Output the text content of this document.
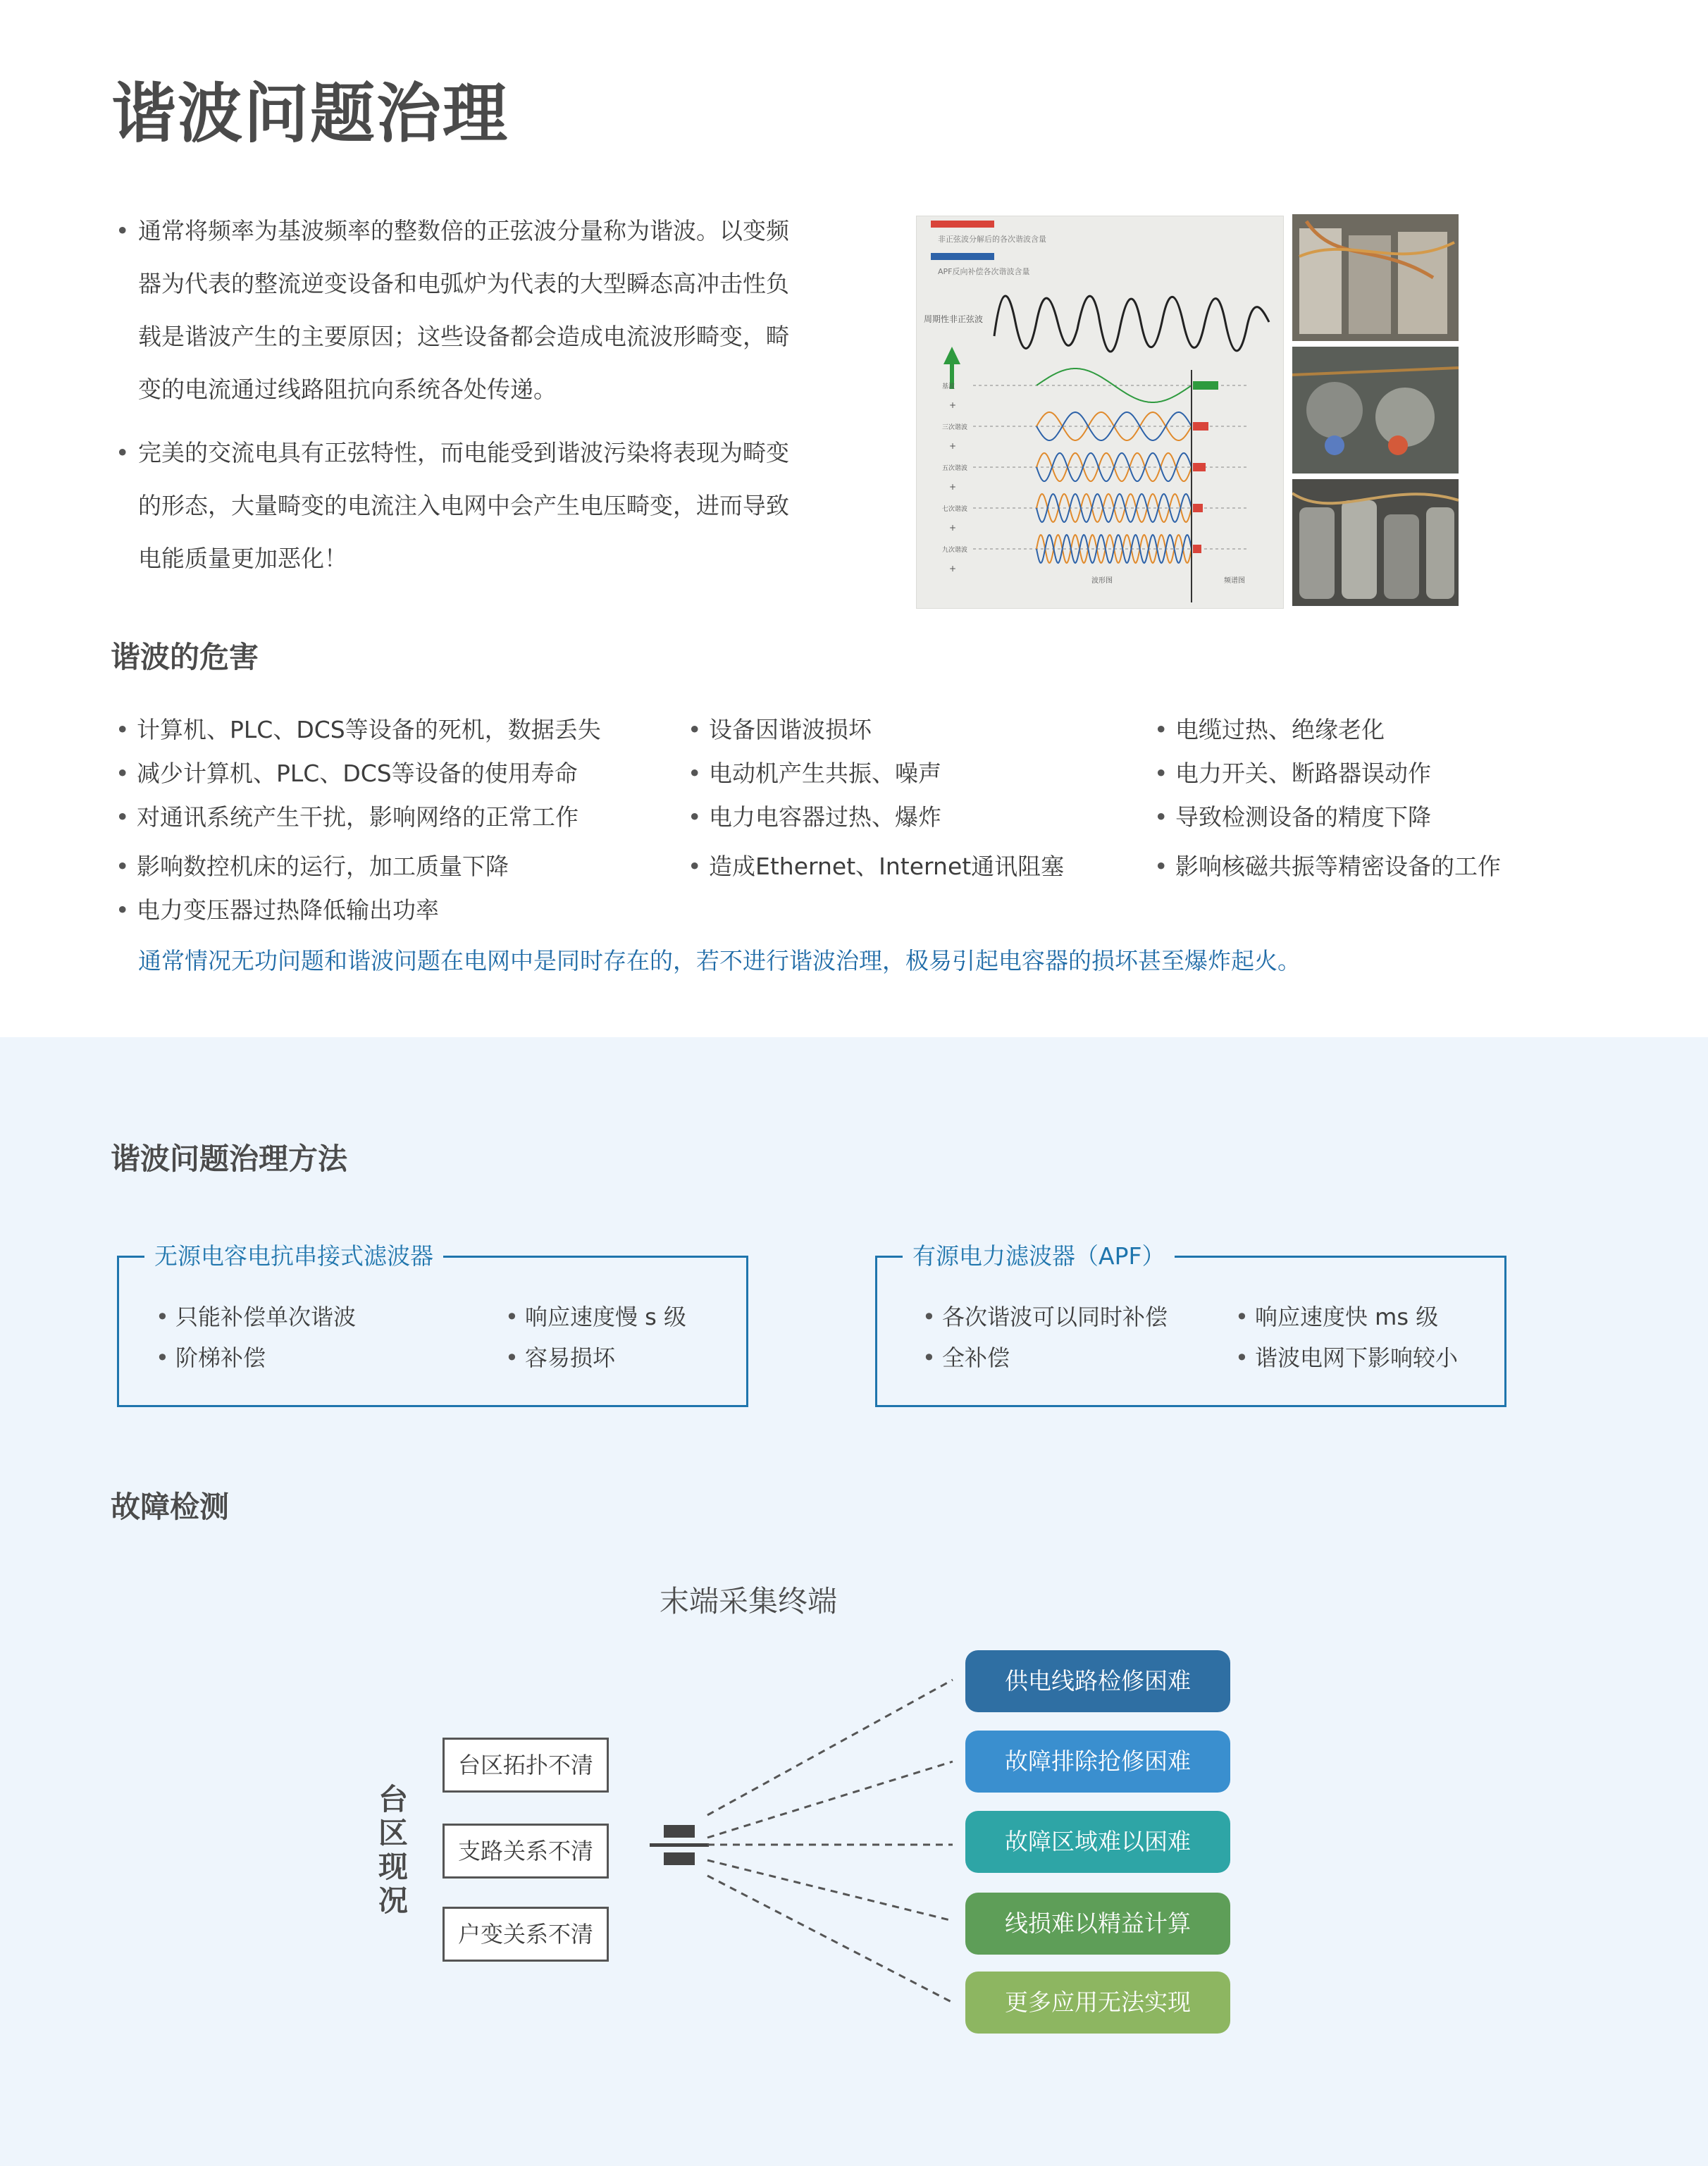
谐波问题治理
• 通常将频率为基波频率的整数倍的正弦波分量称为谐波。以变频器为代表的整流逆变设备和电弧炉为代表的大型瞬态高冲击性负载是谐波产生的主要原因；这些设备都会造成电流波形畸变，畸变的电流通过线路阻抗向系统各处传递。
• 完美的交流电具有正弦特性，而电能受到谐波污染将表现为畸变的形态，大量畸变的电流注入电网中会产生电压畸变，进而导致电能质量更加恶化！
非正弦波分解后的各次谐波含量
APF反向补偿各次谐波含量
周期性非正弦波
基波
+
三次谐波
+
五次谐波
+
七次谐波
+
九次谐波
+
波形图	频谱图
谐波的危害
• 计算机、PLC、DCS等设备的死机，数据丢失
• 减少计算机、PLC、DCS等设备的使用寿命
• 对通讯系统产生干扰，影响网络的正常工作
• 影响数控机床的运行，加工质量下降
• 电力变压器过热降低输出功率
• 设备因谐波损坏
• 电动机产生共振、噪声
• 电力电容器过热、爆炸
• 造成Ethernet、Internet通讯阻塞
• 电缆过热、绝缘老化
• 电力开关、断路器误动作
• 导致检测设备的精度下降
• 影响核磁共振等精密设备的工作
通常情况无功问题和谐波问题在电网中是同时存在的，若不进行谐波治理，极易引起电容器的损坏甚至爆炸起火。
谐波问题治理方法
无源电容电抗串接式滤波器
• 只能补偿单次谐波
• 阶梯补偿
• 响应速度慢 s 级
• 容易损坏
有源电力滤波器（APF）
• 各次谐波可以同时补偿
• 全补偿
• 响应速度快 ms 级
• 谐波电网下影响较小
故障检测
末端采集终端
台区现况
台区拓扑不清
支路关系不清
户变关系不清
供电线路检修困难
故障排除抢修困难
故障区域难以困难
线损难以精益计算
更多应用无法实现
